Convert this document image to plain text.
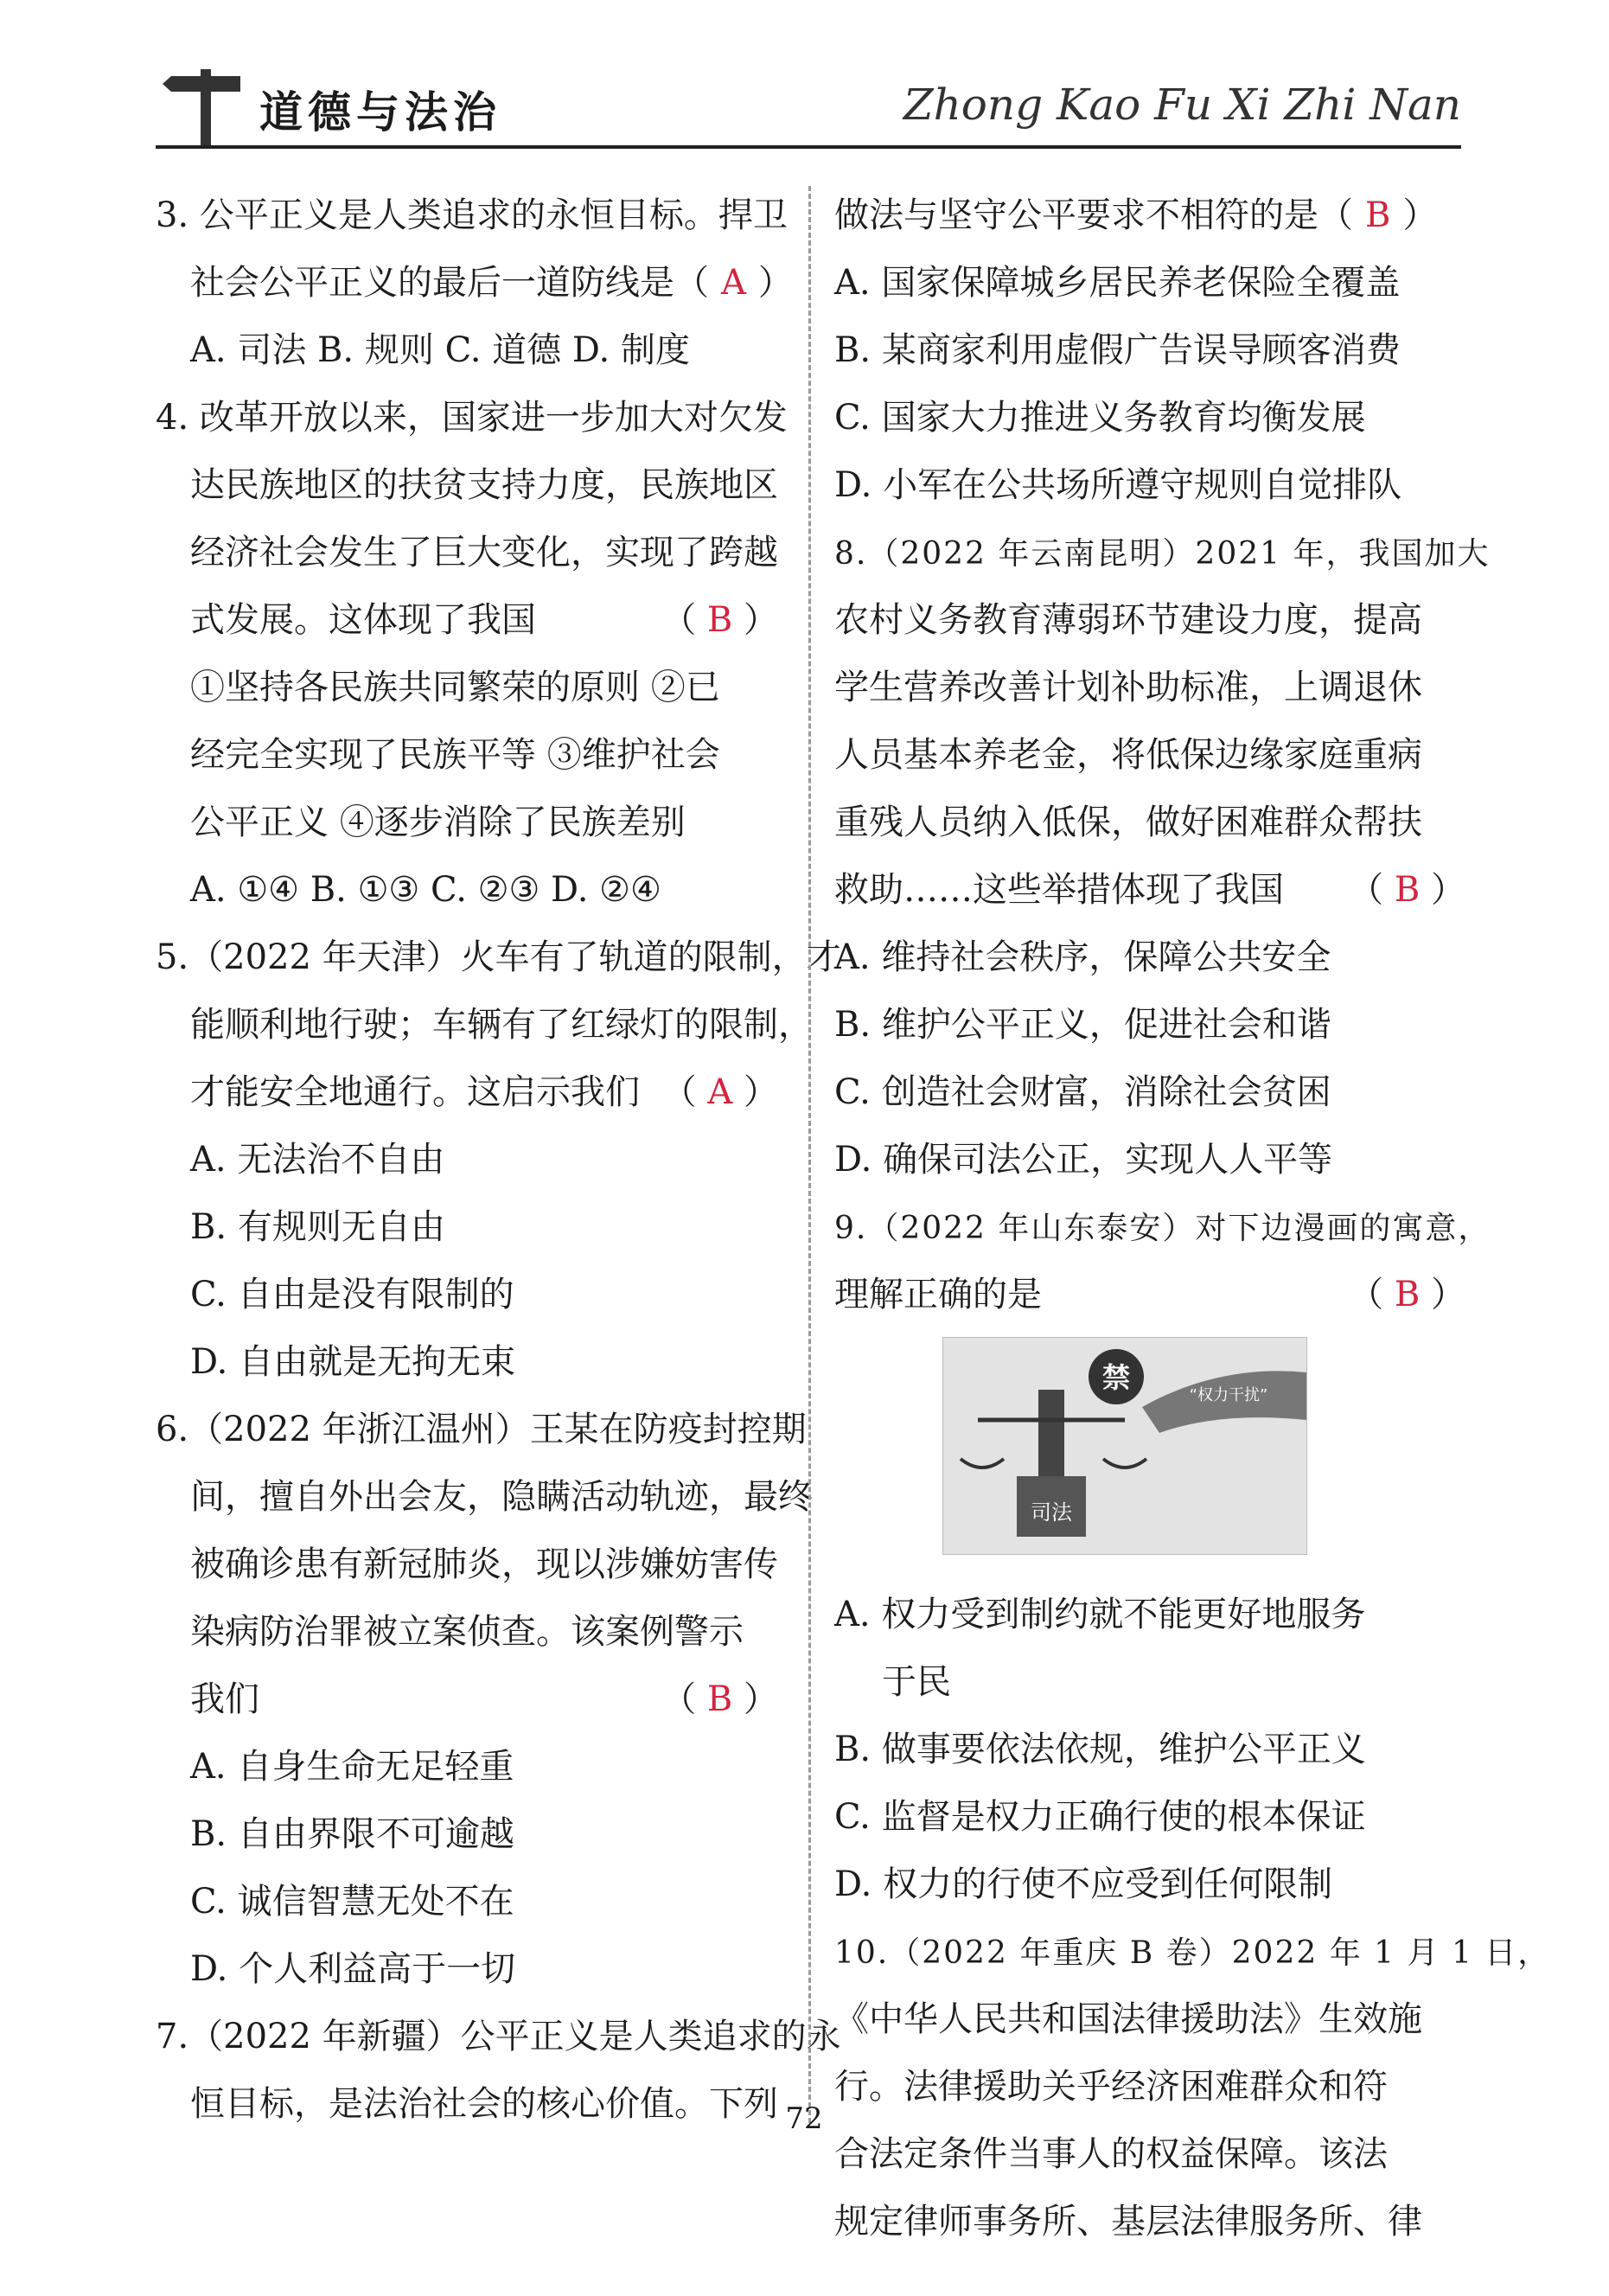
道德与法治	Zhong Kao Fu Xi Zhi Nan
3. 公平正义是人类追求的永恒目标。捍卫
社会公平正义的最后一道防线是（ A ）
A. 司法 B. 规则 C. 道德 D. 制度
4. 改革开放以来，国家进一步加大对欠发
达民族地区的扶贫支持力度，民族地区
经济社会发生了巨大变化，实现了跨越
式发展。这体现了我国	（ B ）
①坚持各民族共同繁荣的原则 ②已
经完全实现了民族平等 ③维护社会
公平正义 ④逐步消除了民族差别
A. ①④ B. ①③ C. ②③ D. ②④
5.（2022 年天津）火车有了轨道的限制，才
能顺利地行驶；车辆有了红绿灯的限制，
才能安全地通行。这启示我们 （ A ）
A. 无法治不自由
B. 有规则无自由
C. 自由是没有限制的
D. 自由就是无拘无束
6.（2022 年浙江温州）王某在防疫封控期
间，擅自外出会友，隐瞒活动轨迹，最终
被确诊患有新冠肺炎，现以涉嫌妨害传
染病防治罪被立案侦查。该案例警示
我们	（ B ）
A. 自身生命无足轻重
B. 自由界限不可逾越
C. 诚信智慧无处不在
D. 个人利益高于一切
7.（2022 年新疆）公平正义是人类追求的永
恒目标，是法治社会的核心价值。下列
做法与坚守公平要求不相符的是（ B ）
A. 国家保障城乡居民养老保险全覆盖
B. 某商家利用虚假广告误导顾客消费
C. 国家大力推进义务教育均衡发展
D. 小军在公共场所遵守规则自觉排队
8.（2022 年云南昆明）2021 年，我国加大
农村义务教育薄弱环节建设力度，提高
学生营养改善计划补助标准，上调退休
人员基本养老金，将低保边缘家庭重病
重残人员纳入低保，做好困难群众帮扶
救助……这些举措体现了我国 （ B ）
A. 维持社会秩序，保障公共安全
B. 维护公平正义，促进社会和谐
C. 创造社会财富，消除社会贫困
D. 确保司法公正，实现人人平等
9.（2022 年山东泰安）对下边漫画的寓意，
理解正确的是	（ B ）
禁
司法
“权力干扰”
A. 权力受到制约就不能更好地服务
于民
B. 做事要依法依规，维护公平正义
C. 监督是权力正确行使的根本保证
D. 权力的行使不应受到任何限制
10.（2022 年重庆 B 卷）2022 年 1 月 1 日，
《中华人民共和国法律援助法》生效施
行。法律援助关乎经济困难群众和符
合法定条件当事人的权益保障。该法
规定律师事务所、基层法律服务所、律
72
